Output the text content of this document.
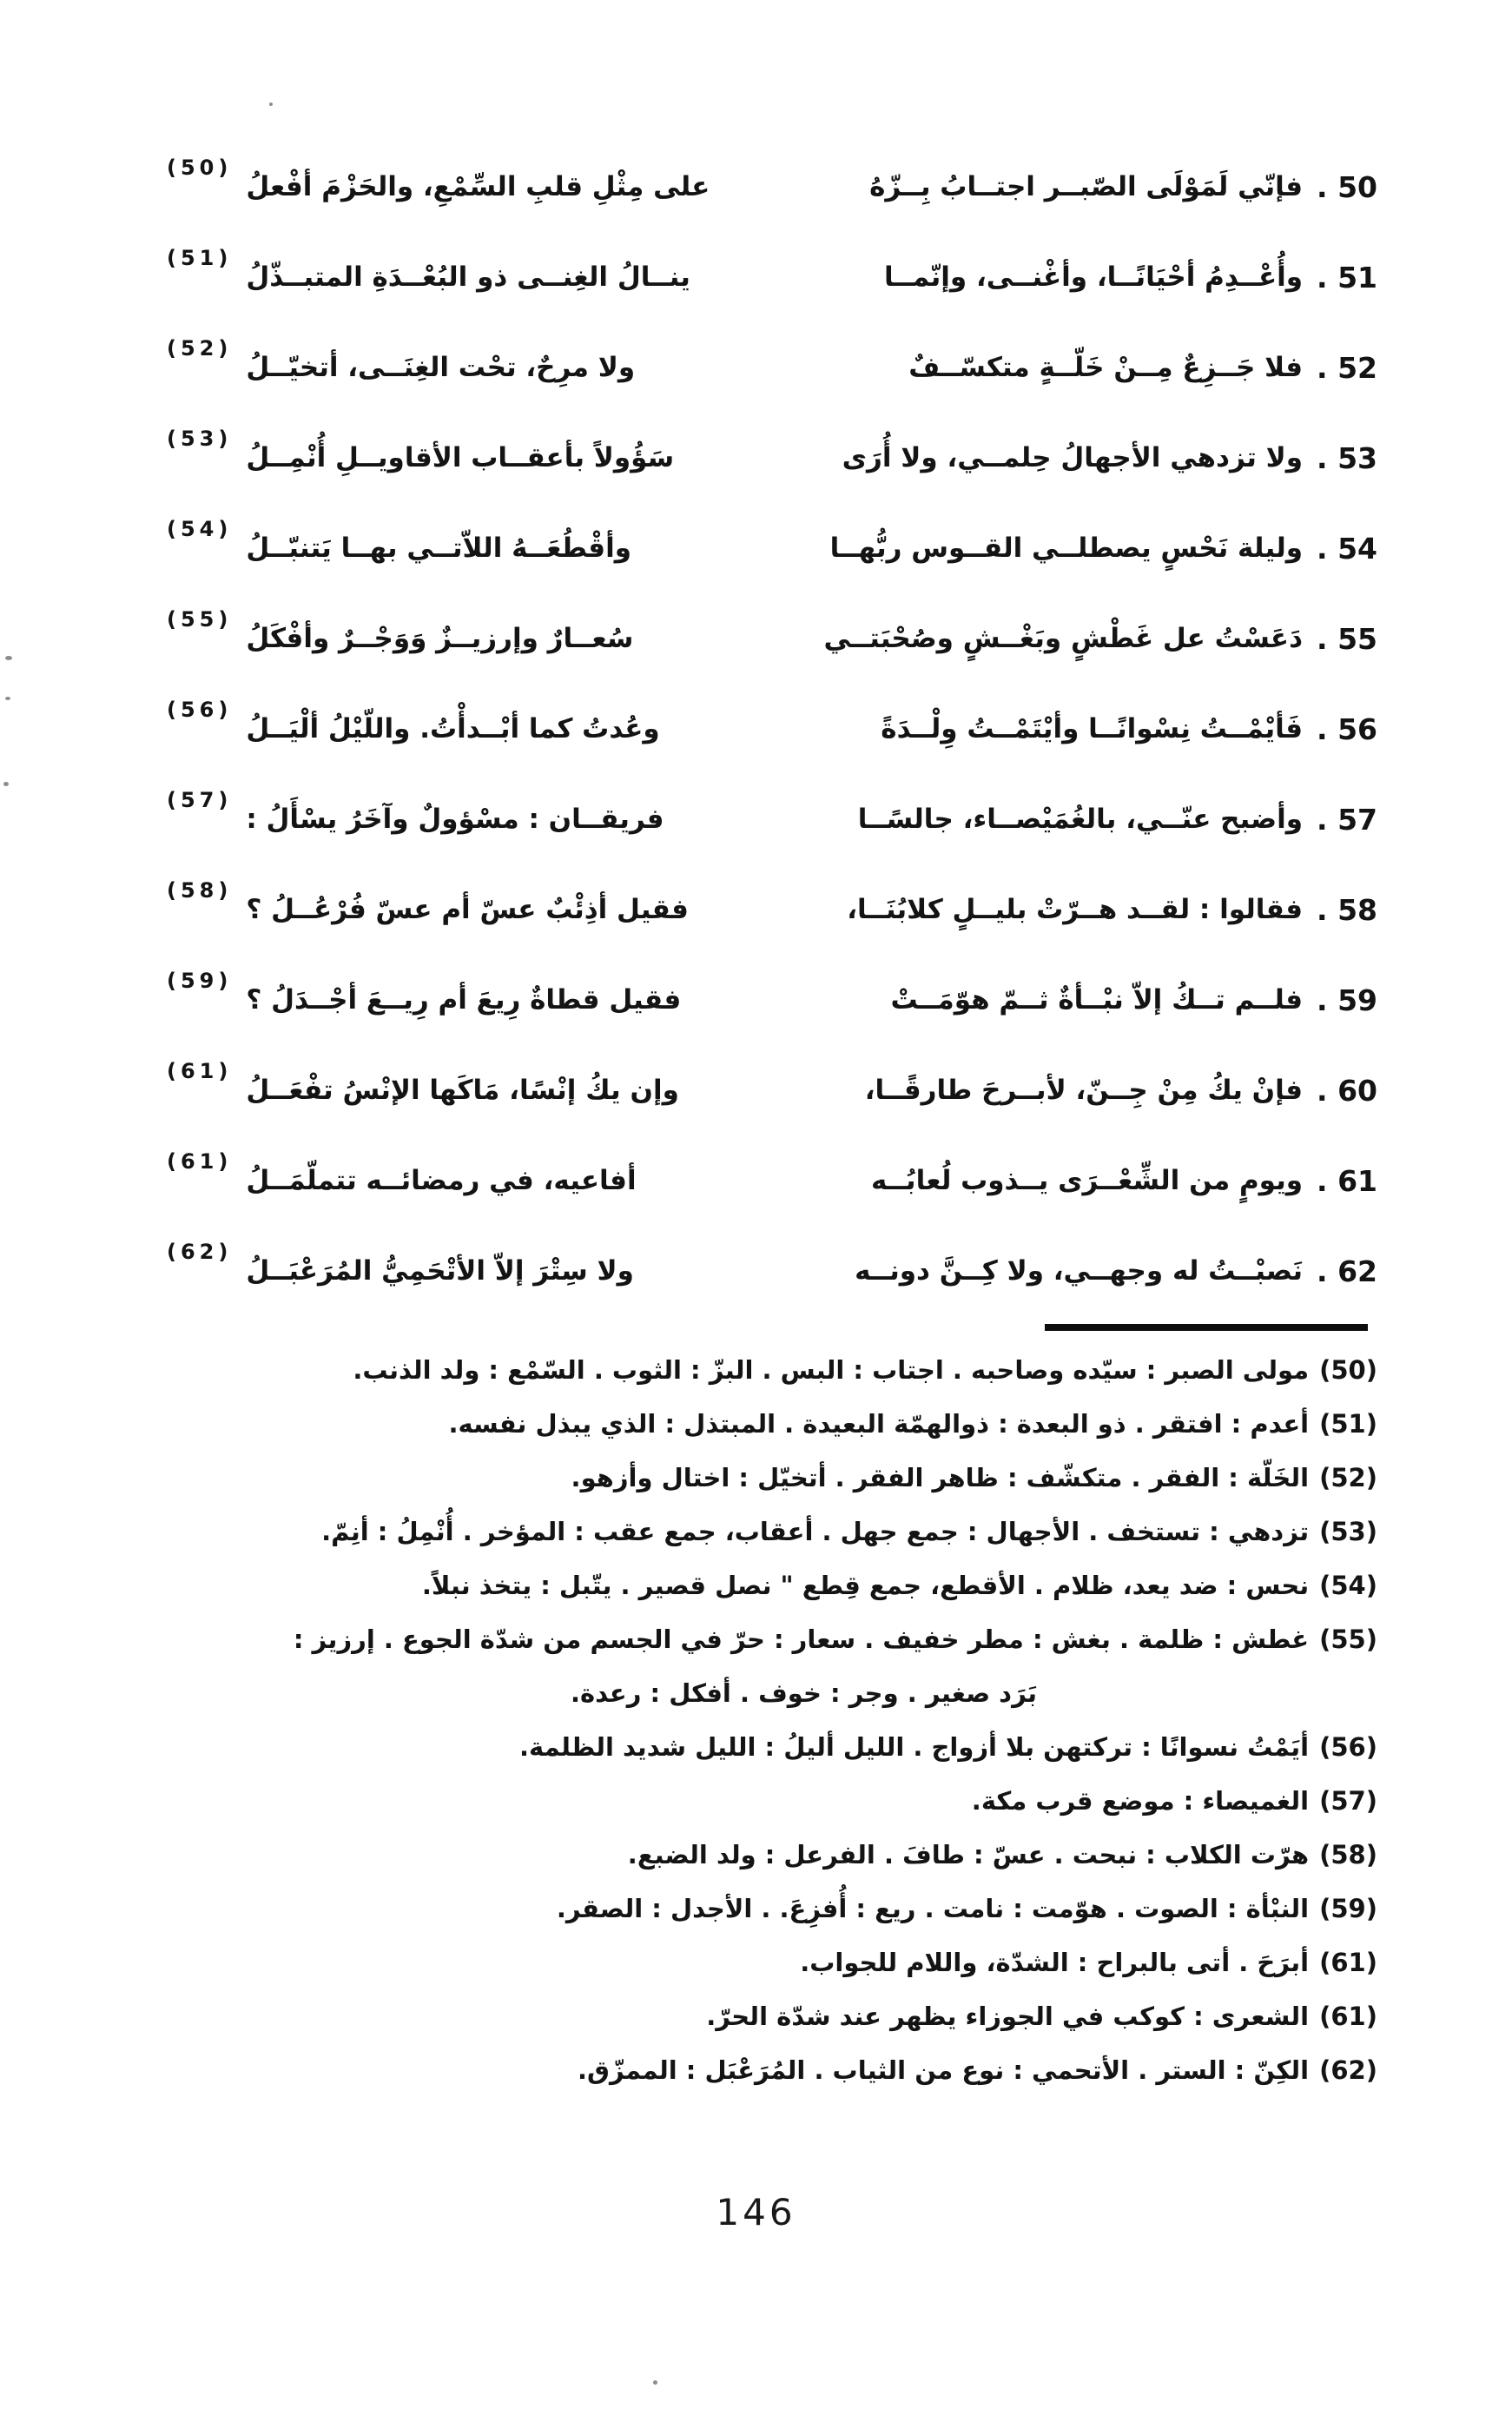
50 .
فإنّي لَمَوْلَى الصّبــر اجتــابُ بِــزّهُ
على مِثْلِ قلبِ السِّمْعِ، والحَزْمَ أفْعلُ
(50)
51 .
وأُعْــدِمُ أحْيَانًــا، وأغْنــى، وإنّمــا
ينــالُ الغِنــى ذو البُعْــدَةِ المتبــذّلُ
(51)
52 .
فلا جَــزِعٌ مِــنْ خَلّــةٍ متكسّــفٌ
ولا مرِحٌ، تحْت الغِنَــى، أتخيّــلُ
(52)
53 .
ولا تزدهي الأجهالُ حِلمــي، ولا أُرَى
سَؤُولاً بأعقــاب الأقاويــلِ أُنْمِــلُ
(53)
54 .
وليلة نَحْسٍ يصطلــي القــوس ربُّهــا
وأقْطُعَــهُ اللاّتــي بهــا يَتنبّــلُ
(54)
55 .
دَعَسْتُ عل غَطْشٍ وبَغْــشٍ وصُحْبَتــي
سُعــارٌ وإرزيــزٌ وَوَجْــرٌ وأفْكَلُ
(55)
56 .
فَأيْمْــتُ نِسْوانًــا وأيْتَمْــتُ وِلْــدَةً
وعُدتُ كما أبْــدأْتُ. واللّيْلُ ألْيَــلُ
(56)
57 .
وأضبح عنّــي، بالغُمَيْصــاء، جالسًــا
فريقــان : مسْؤولٌ وآخَرُ يسْأَلُ :
(57)
58 .
فقالوا : لقــد هــرّتْ بليــلٍ كلابُنَــا،
فقيل أذِئْبٌ عسّ أم عسّ فُرْعُــلُ ؟
(58)
59 .
فلــم تــكُ إلاّ نبْــأةٌ ثــمّ هوّمَــتْ
فقيل قطاةٌ رِيعَ أم رِيــعَ أجْــدَلُ ؟
(59)
60 .
فإنْ يكُ مِنْ جِــنّ، لأبــرحَ طارقًــا،
وإن يكُ إنْسًا، مَاكَها الإنْسُ تفْعَــلُ
(61)
61 .
ويومٍ من الشِّعْــرَى يــذوب لُعابُــه
أفاعيه، في رمضائــه تتملّمَــلُ
(61)
62 .
نَصبْــتُ له وجهــي، ولا كِــنَّ دونــه
ولا سِتْرَ إلاّ الأتْحَمِيُّ المُرَعْبَــلُ
(62)
(50)
مولى الصبر : سيّده وصاحبه . اجتاب : البس . البزّ : الثوب . السّمْع : ولد الذنب.
(51)
أعدم : افتقر . ذو البعدة : ذوالهمّة البعيدة . المبتذل : الذي يبذل نفسه.
(52)
الخَلّة : الفقر . متكشّف : ظاهر الفقر . أتخيّل : اختال وأزهو.
(53)
تزدهي : تستخف . الأجهال : جمع جهل . أعقاب، جمع عقب : المؤخر . أُنْمِلُ : أنِمّ.
(54)
نحس : ضد يعد، ظلام . الأقطع، جمع قِطع " نصل قصير . يتّبل : يتخذ نبلاً.
(55)
غطش : ظلمة . بغش : مطر خفيف . سعار : حرّ في الجسم من شدّة الجوع . إرزيز :
بَرَد صغير . وجر : خوف . أفكل : رعدة.
(56)
أيَمْتُ نسوانًا : تركتهن بلا أزواج . الليل أليلُ : الليل شديد الظلمة.
(57)
الغميصاء : موضع قرب مكة.
(58)
هرّت الكلاب : نبحت . عسّ : طافَ . الفرعل : ولد الضبع.
(59)
النبْأة : الصوت . هوّمت : نامت . ريع : أُفزِعَ. . الأجدل : الصقر.
(61)
أبرَحَ . أتى بالبراح : الشدّة، واللام للجواب.
(61)
الشعرى : كوكب في الجوزاء يظهر عند شدّة الحرّ.
(62)
الكِنّ : الستر . الأتحمي : نوع من الثياب . المُرَعْبَل : الممزّق.
146
